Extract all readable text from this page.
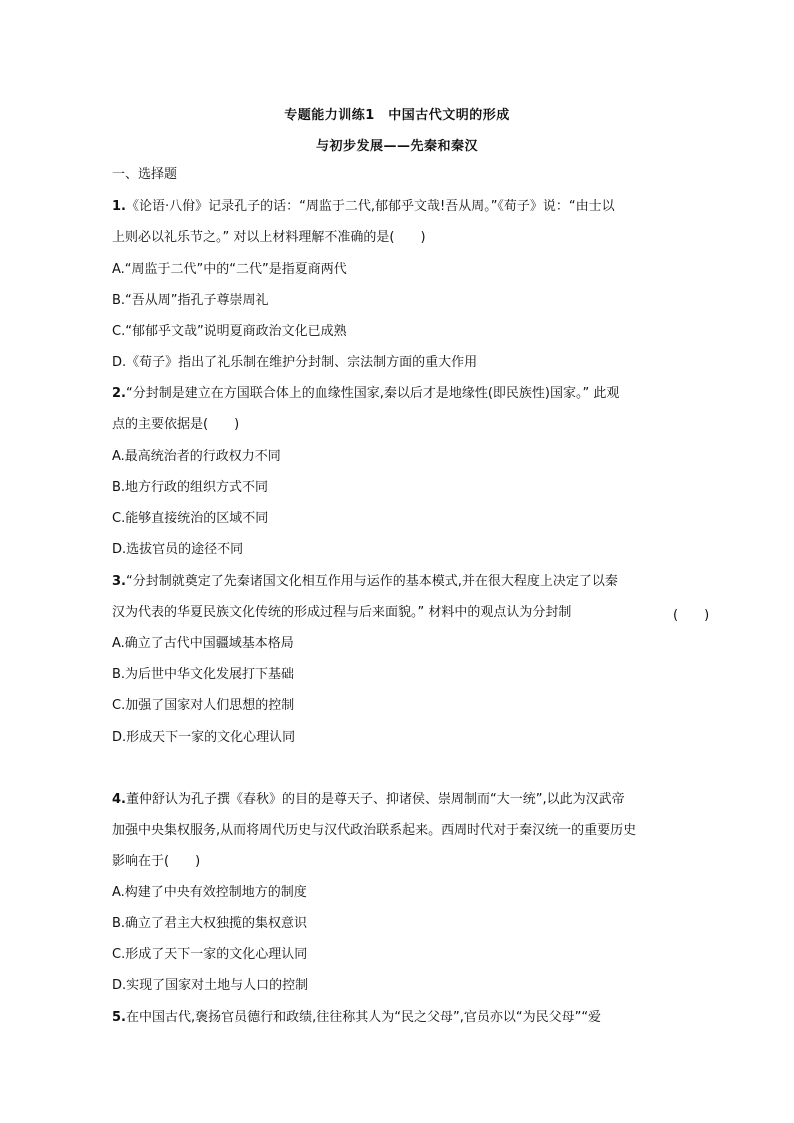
专题能力训练1　中国古代文明的形成
与初步发展——先秦和秦汉
一、选择题
1.《论语·八佾》记录孔子的话：“周监于二代,郁郁乎文哉!吾从周。”《荀子》说：“由士以
上则必以礼乐节之。” 对以上材料理解不准确的是(　　)
A.“周监于二代”中的“二代”是指夏商两代
B.“吾从周”指孔子尊崇周礼
C.“郁郁乎文哉”说明夏商政治文化已成熟
D.《荀子》指出了礼乐制在维护分封制、宗法制方面的重大作用
2.“分封制是建立在方国联合体上的血缘性国家,秦以后才是地缘性(即民族性)国家。” 此观
点的主要依据是(　　)
A.最高统治者的行政权力不同
B.地方行政的组织方式不同
C.能够直接统治的区域不同
D.选拔官员的途径不同
3.“分封制就奠定了先秦诸国文化相互作用与运作的基本模式,并在很大程度上决定了以秦
汉为代表的华夏民族文化传统的形成过程与后来面貌。” 材料中的观点认为分封制	(　　)
A.确立了古代中国疆域基本格局
B.为后世中华文化发展打下基础
C.加强了国家对人们思想的控制
D.形成天下一家的文化心理认同
4.董仲舒认为孔子撰《春秋》的目的是尊天子、抑诸侯、崇周制而“大一统”,以此为汉武帝
加强中央集权服务,从而将周代历史与汉代政治联系起来。西周时代对于秦汉统一的重要历史
影响在于(　　)
A.构建了中央有效控制地方的制度
B.确立了君主大权独揽的集权意识
C.形成了天下一家的文化心理认同
D.实现了国家对土地与人口的控制
5.在中国古代,褒扬官员德行和政绩,往往称其人为“民之父母”,官员亦以“为民父母”“爱
